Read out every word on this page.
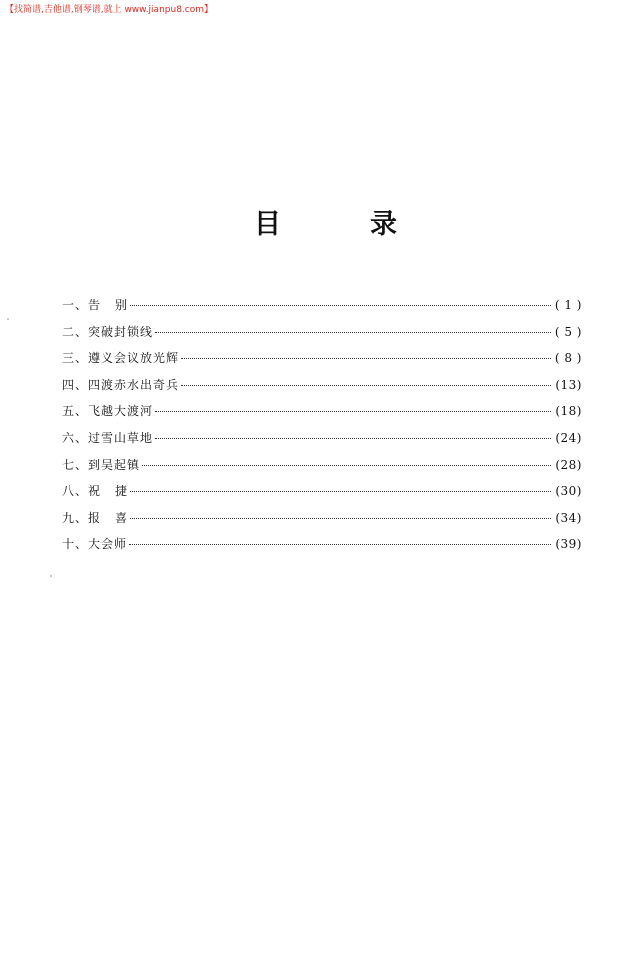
【找简谱,吉他谱,钢琴谱,就上 www.jianpu8.com】
目	录
一、告 别	( 1 )
二、突破封锁线	( 5 )
三、遵义会议放光辉	( 8 )
四、四渡赤水出奇兵	(13)
五、飞越大渡河	(18)
六、过雪山草地	(24)
七、到吴起镇	(28)
八、祝 捷	(30)
九、报 喜	(34)
十、大会师	(39)
